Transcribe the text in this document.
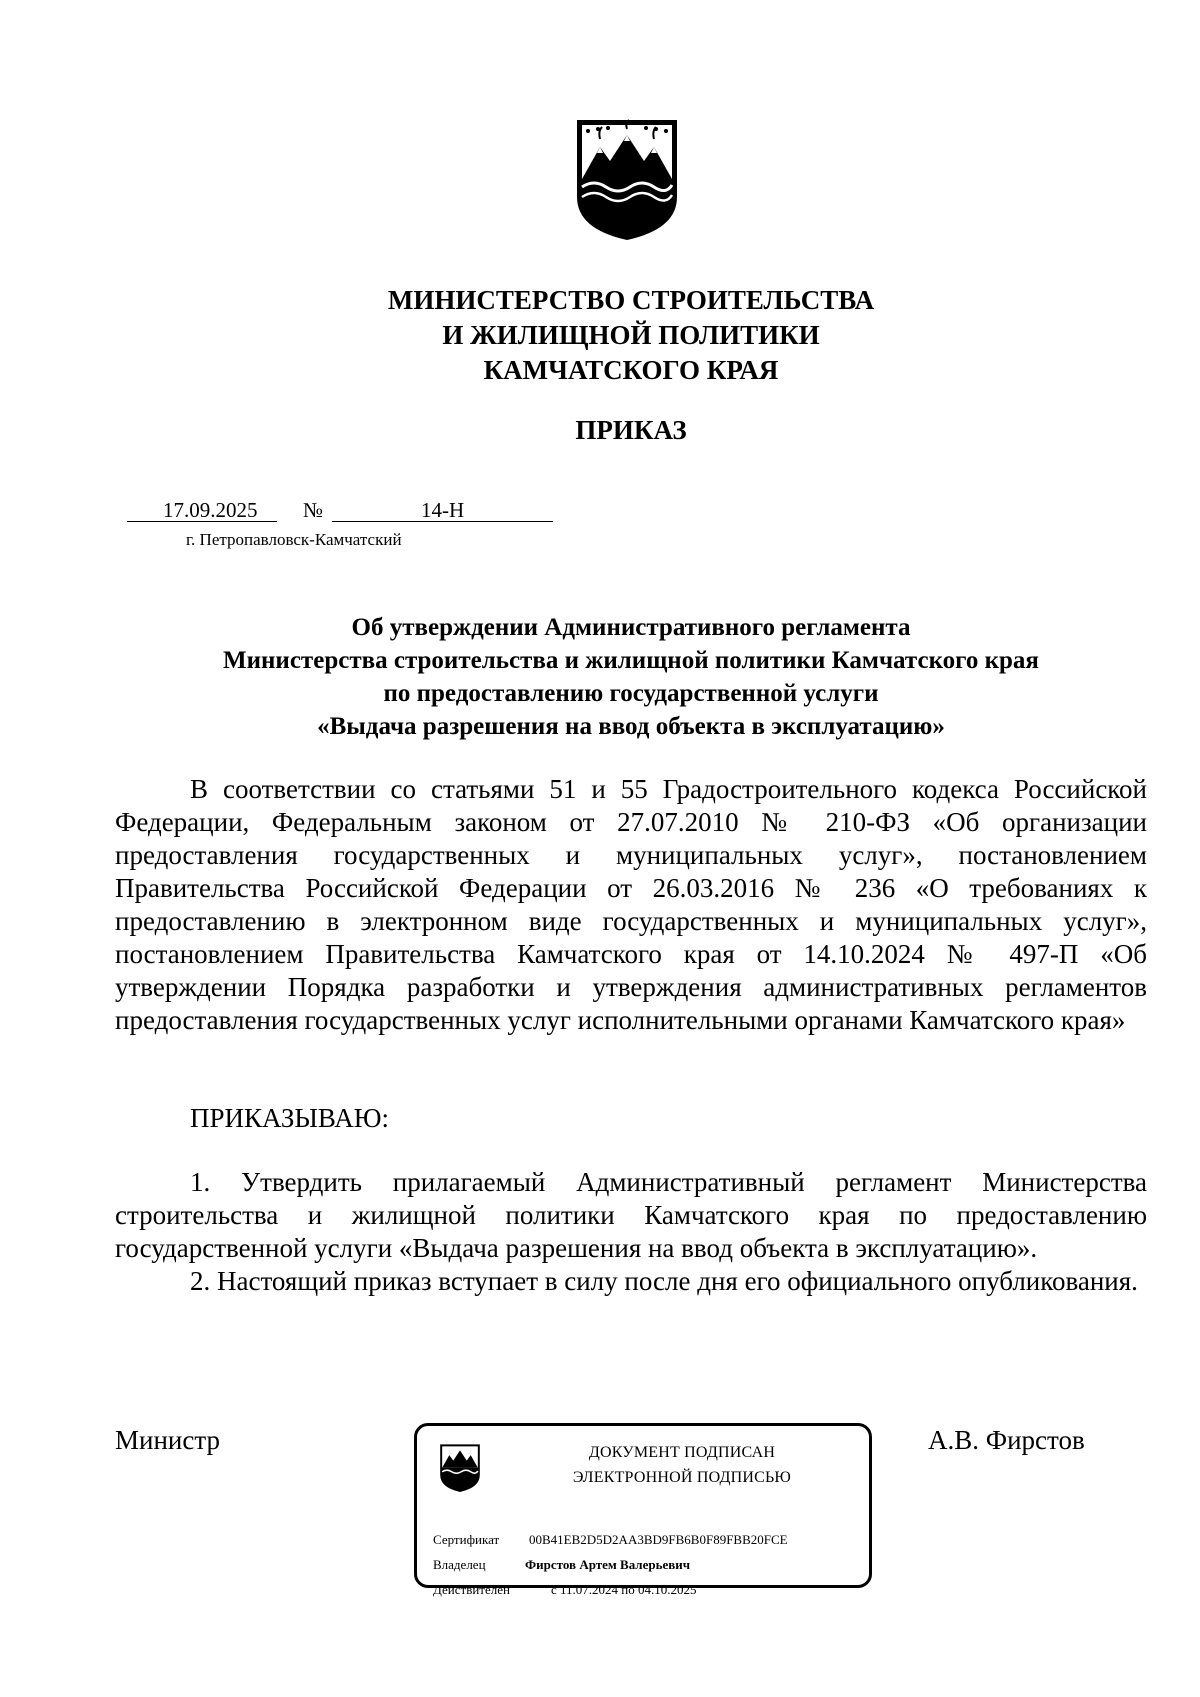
МИНИСТЕРСТВО СТРОИТЕЛЬСТВА
И ЖИЛИЩНОЙ ПОЛИТИКИ
КАМЧАТСКОГО КРАЯ
ПРИКАЗ
17.09.2025 №	14-Н
г. Петропавловск-Камчатский
Об утверждении Административного регламента
Министерства строительства и жилищной политики Камчатского края
по предоставлению государственной услуги
«Выдача разрешения на ввод объекта в эксплуатацию»
В соответствии со статьями 51 и 55 Градостроительного кодекса Российской Федерации, Федеральным законом от 27.07.2010 № 210-ФЗ «Об организации предоставления государственных и муниципальных услуг», постановлением Правительства Российской Федерации от 26.03.2016 № 236 «О требованиях к предоставлению в электронном виде государственных и муниципальных услуг», постановлением Правительства Камчатского края от 14.10.2024 № 497-П «Об утверждении Порядка разработки и утверждения административных регламентов предоставления государственных услуг исполнительными органами Камчатского края»
ПРИКАЗЫВАЮ:
1. Утвердить прилагаемый Административный регламент Министерства строительства и жилищной политики Камчатского края по предоставлению государственной услуги «Выдача разрешения на ввод объекта в эксплуатацию».
2. Настоящий приказ вступает в силу после дня его официального опубликования.
Министр	ДОКУМЕНТ ПОДПИСАН
ЭЛЕКТРОННОЙ ПОДПИСЬЮ
Сертификат 00B41EB2D5D2AA3BD9FB6B0F89FBB20FCE
Владелец	Фирстов Артем Валерьевич
Действителен	с 11.07.2024 по 04.10.2025
А.В. Фирстов
